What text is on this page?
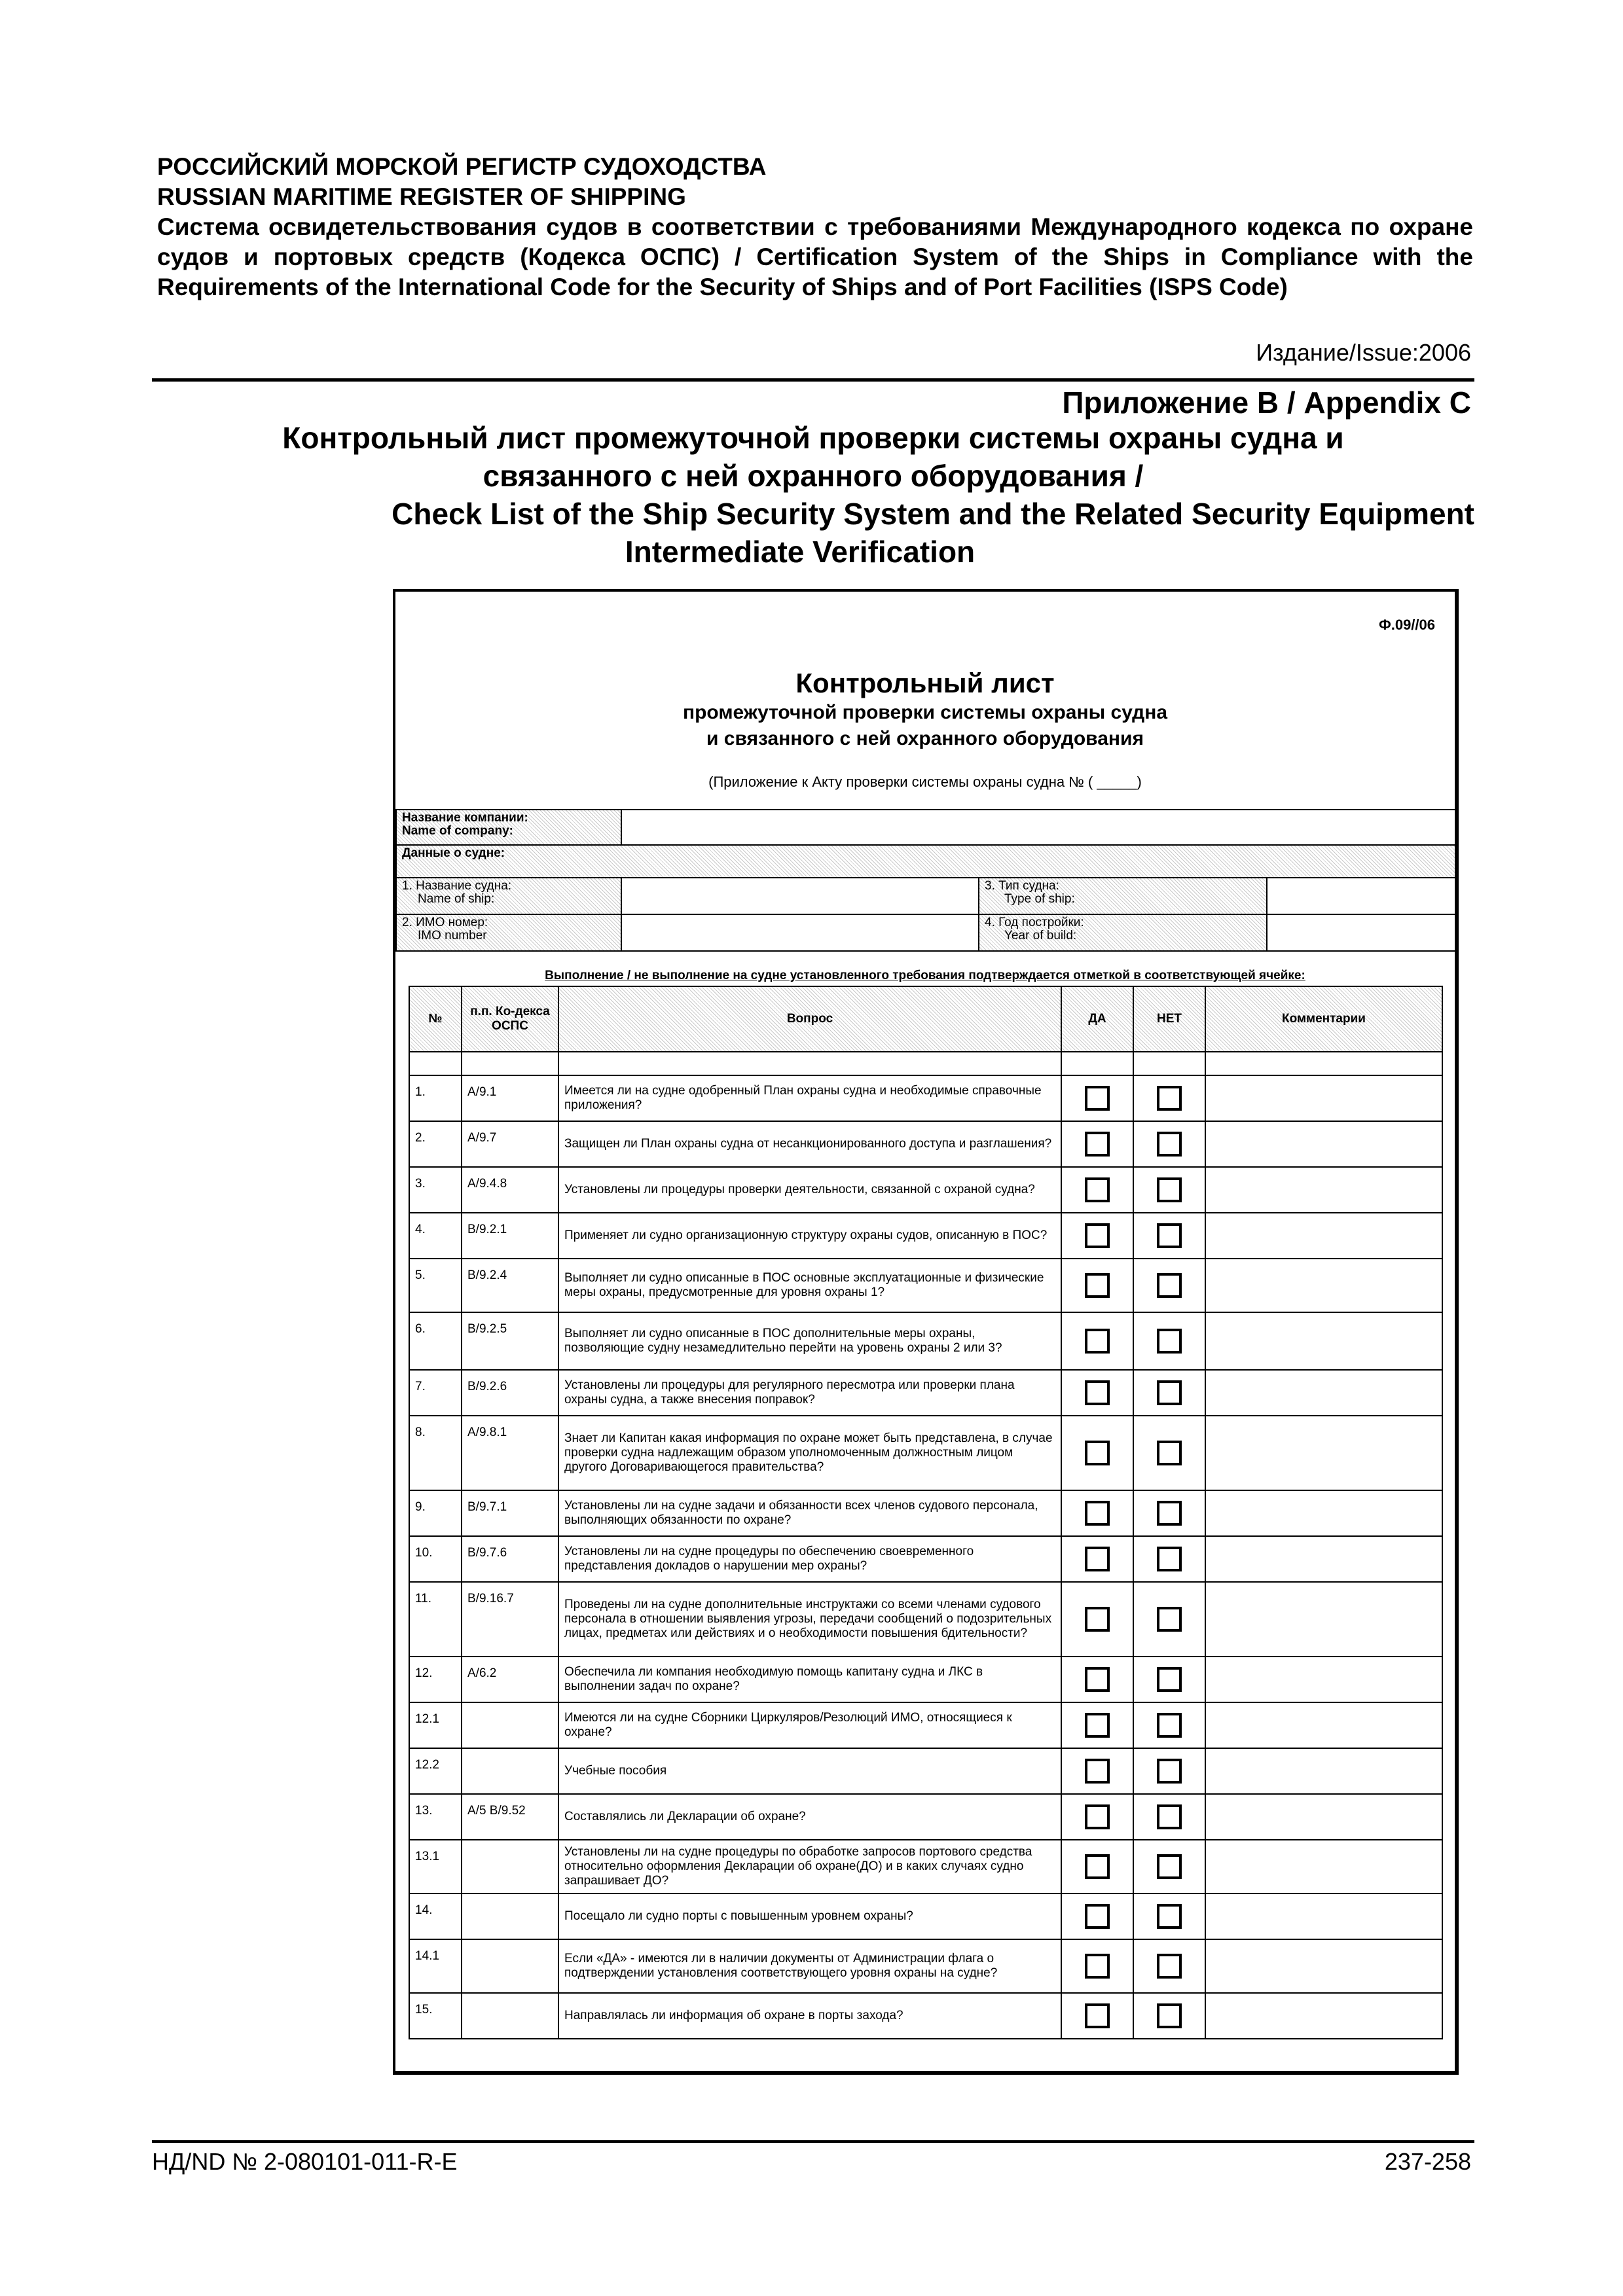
РОССИЙСКИЙ МОРСКОЙ РЕГИСТР СУДОХОДСТВА
RUSSIAN MARITIME REGISTER OF SHIPPING
Система освидетельствования судов в соответствии с требованиями Международного кодекса по охране судов и портовых средств (Кодекса ОСПС) / Certification System of the Ships in Compliance with the Requirements of the International Code for the Security of Ships and of Port Facilities (ISPS Code)
Издание/Issue:2006
Приложение В / Appendix C
Контрольный лист промежуточной проверки системы охраны судна и
связанного с ней охранного оборудования /
Check List of the Ship Security System and the Related Security Equipment
Intermediate Verification
Ф.09//06
Контрольный лист
промежуточной проверки системы охраны судна
и связанного с ней охранного оборудования
(Приложение к Акту проверки системы охраны судна № ( _____)
Название компании:
Name of company:			
Данные о судне:			
1. Название судна:
Name of ship:		3. Тип судна:
Type of ship:	
2. ИМО номер:
IMO number		4. Год постройки:
Year of build:	
Выполнение / не выполнение на судне установленного требования подтверждается отметкой в соответствующей ячейке:
№	п.п. Ко-декса ОСПС	Вопрос	ДА	НЕТ	Комментарии

1.	A/9.1	Имеется ли на судне одобренный План охраны судна и необходимые справочные приложения?			
2.	A/9.7	Защищен ли План охраны судна от несанкционированного доступа и разглашения?			
3.	A/9.4.8	Установлены ли процедуры проверки деятельности, связанной с охраной судна?			
4.	B/9.2.1	Применяет ли судно организационную структуру охраны судов, описанную в ПОС?			
5.	B/9.2.4	Выполняет ли судно описанные в ПОС основные эксплуатационные и физические меры охраны, предусмотренные для уровня охраны 1?			
6.	B/9.2.5	Выполняет ли судно описанные в ПОС дополнительные меры охраны, позволяющие судну незамедлительно перейти на уровень охраны 2 или 3?			
7.	B/9.2.6	Установлены ли процедуры для регулярного пересмотра или проверки плана охраны судна, а также внесения поправок?			
8.	A/9.8.1	Знает ли Капитан какая информация по охране может быть представлена, в случае проверки судна надлежащим образом уполномоченным должностным лицом другого Договаривающегося правительства?			
9.	B/9.7.1	Установлены ли на судне задачи и обязанности всех членов судового персонала, выполняющих обязанности по охране?			
10.	B/9.7.6	Установлены ли на судне процедуры по обеспечению своевременного представления докладов о нарушении мер охраны?			
11.	B/9.16.7	Проведены ли на судне дополнительные инструктажи со всеми членами судового персонала в отношении выявления угрозы, передачи сообщений о подозрительных лицах, предметах или действиях и о необходимости повышения бдительности?			
12.	A/6.2	Обеспечила ли компания необходимую помощь капитану судна и ЛКС в выполнении задач по охране?			
12.1		Имеются ли на судне Сборники Циркуляров/Резолюций ИМО, относящиеся к охране?			
12.2		Учебные пособия			
13.	A/5 B/9.52	Составлялись ли Декларации об охране?			
13.1		Установлены ли на судне процедуры по обработке запросов портового средства относительно оформления Декларации об охране(ДО) и в каких случаях судно запрашивает ДО?			
14.		Посещало ли судно порты с повышенным уровнем охраны?			
14.1		Если «ДА» - имеются ли в наличии документы от Администрации флага о подтверждении установления соответствующего уровня охраны на судне?			
15.		Направлялась ли информация об охране в порты захода?			
НД/ND № 2-080101-011-R-E	237-258
